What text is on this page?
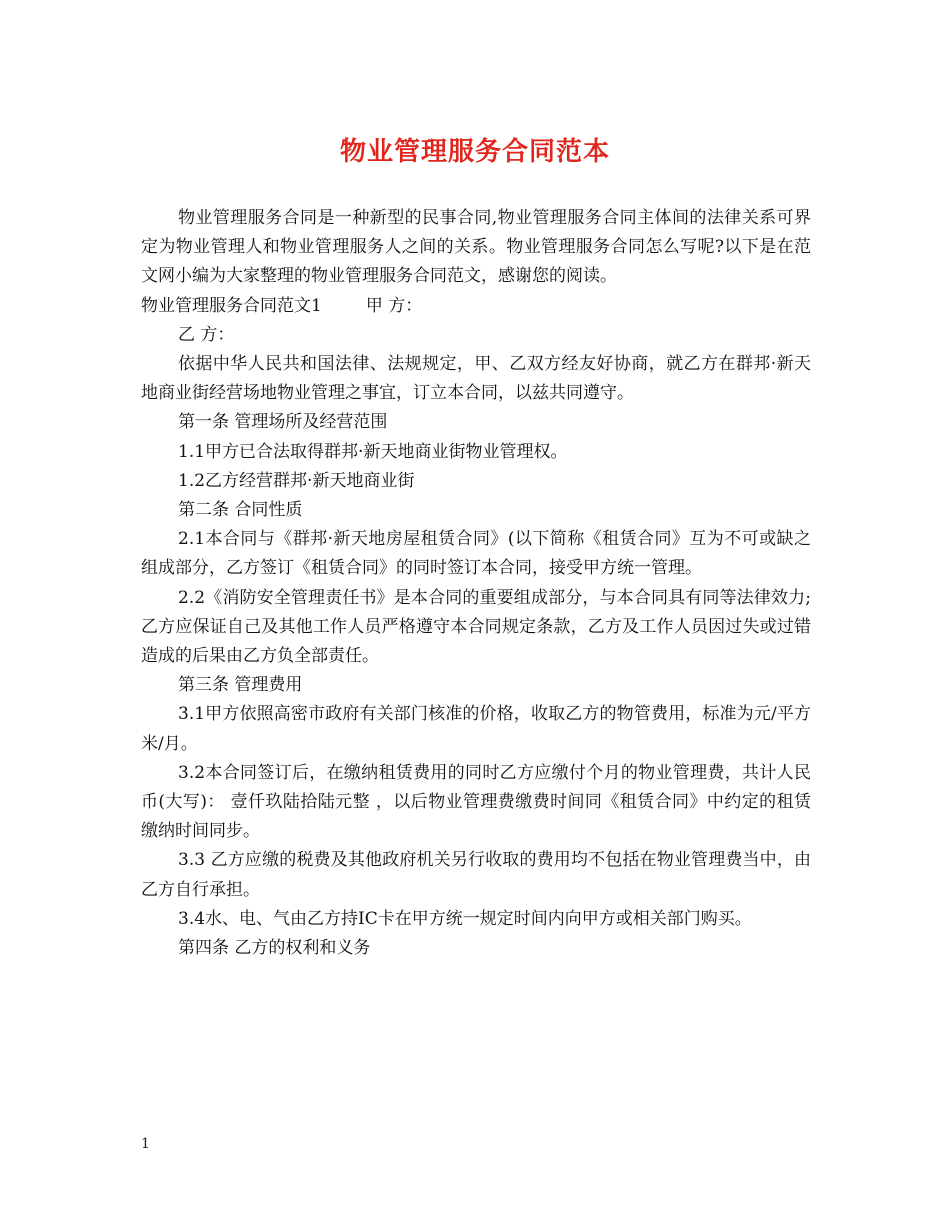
物业管理服务合同范本

物业管理服务合同是一种新型的民事合同,物业管理服务合同主体间的法律关系可界定为物业管理人和物业管理服务人之间的关系。物业管理服务合同怎么写呢?以下是在范文网小编为大家整理的物业管理服务合同范文，感谢您的阅读。

物业管理服务合同范文1	甲 方：

乙 方：

依据中华人民共和国法律、法规规定，甲、乙双方经友好协商，就乙方在群邦·新天地商业街经营场地物业管理之事宜，订立本合同，以兹共同遵守。

第一条 管理场所及经营范围

1.1甲方已合法取得群邦·新天地商业街物业管理权。

1.2乙方经营群邦·新天地商业街

第二条 合同性质

2.1本合同与《群邦·新天地房屋租赁合同》(以下简称《租赁合同》互为不可或缺之组成部分，乙方签订《租赁合同》的同时签订本合同，接受甲方统一管理。

2.2《消防安全管理责任书》是本合同的重要组成部分，与本合同具有同等法律效力;乙方应保证自己及其他工作人员严格遵守本合同规定条款，乙方及工作人员因过失或过错造成的后果由乙方负全部责任。

第三条 管理费用

3.1甲方依照高密市政府有关部门核准的价格，收取乙方的物管费用，标准为元/平方米/月。

3.2本合同签订后，在缴纳租赁费用的同时乙方应缴付个月的物业管理费，共计人民币(大写)： 壹仟玖陆拾陆元整 ，以后物业管理费缴费时间同《租赁合同》中约定的租赁缴纳时间同步。

3.3 乙方应缴的税费及其他政府机关另行收取的费用均不包括在物业管理费当中，由乙方自行承担。

3.4水、电、气由乙方持IC卡在甲方统一规定时间内向甲方或相关部门购买。

第四条 乙方的权利和义务

1
